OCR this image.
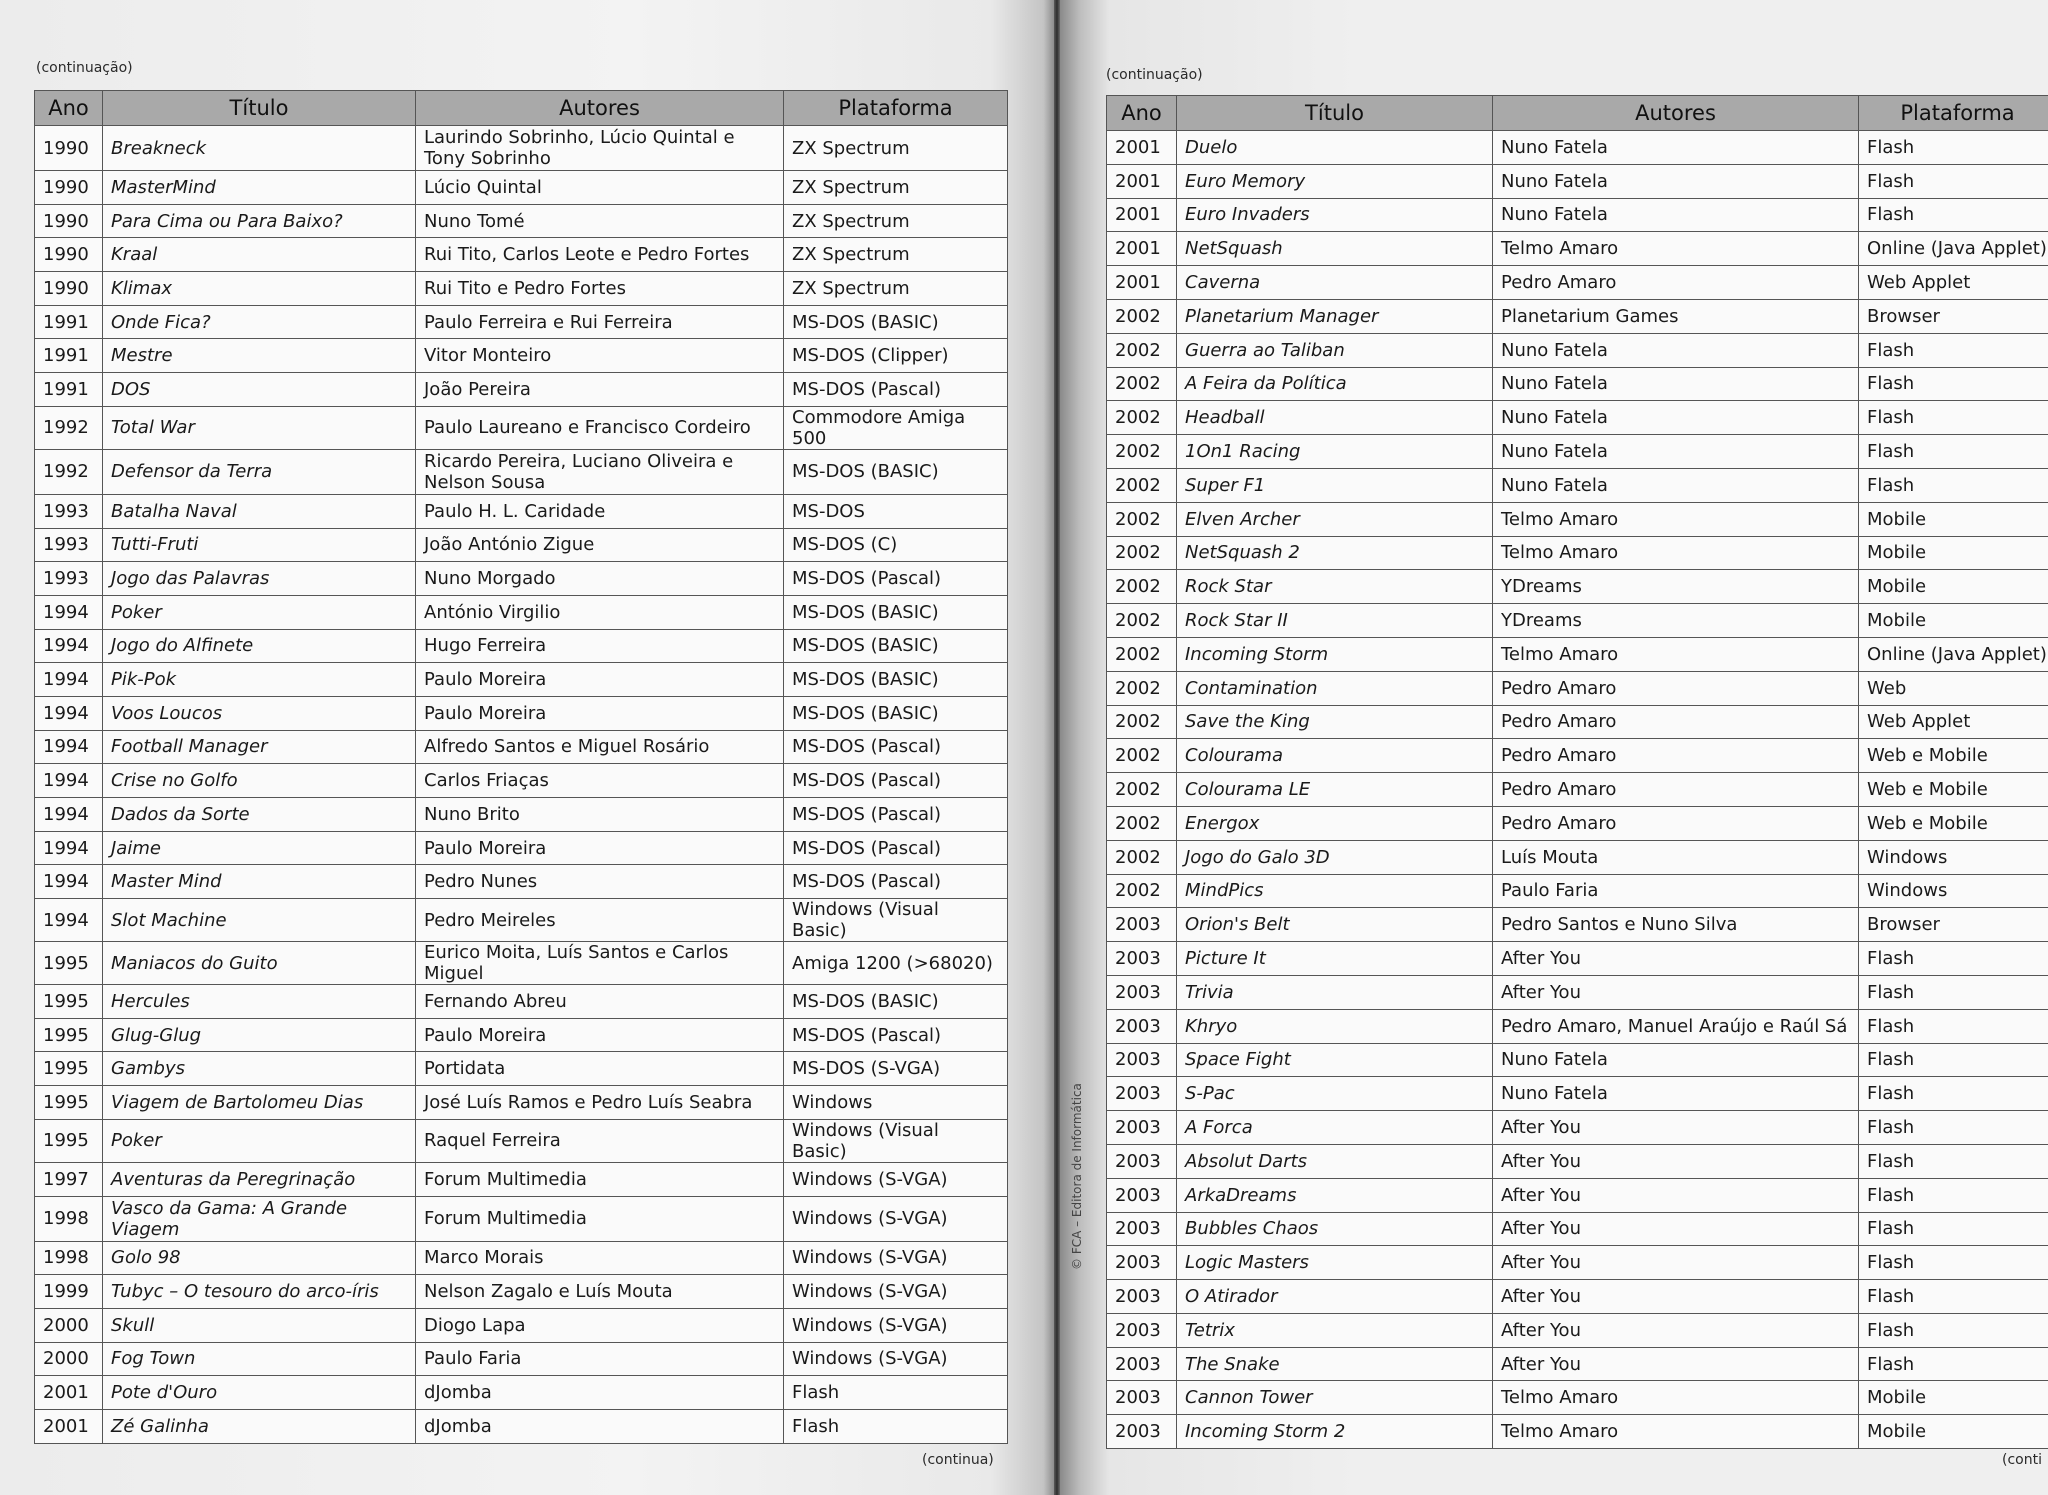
(continuação)

(continua)

(continuação)

(conti

© FCA – Editora de Informática
Ano	Título	Autores	Plataforma
1990	Breakneck	Laurindo Sobrinho, Lúcio Quintal e Tony Sobrinho	ZX Spectrum
1990	MasterMind	Lúcio Quintal	ZX Spectrum
1990	Para Cima ou Para Baixo?	Nuno Tomé	ZX Spectrum
1990	Kraal	Rui Tito, Carlos Leote e Pedro Fortes	ZX Spectrum
1990	Klimax	Rui Tito e Pedro Fortes	ZX Spectrum
1991	Onde Fica?	Paulo Ferreira e Rui Ferreira	MS-DOS (BASIC)
1991	Mestre	Vitor Monteiro	MS-DOS (Clipper)
1991	DOS	João Pereira	MS-DOS (Pascal)
1992	Total War	Paulo Laureano e Francisco Cordeiro	Commodore Amiga 500
1992	Defensor da Terra	Ricardo Pereira, Luciano Oliveira e Nelson Sousa	MS-DOS (BASIC)
1993	Batalha Naval	Paulo H. L. Caridade	MS-DOS
1993	Tutti-Fruti	João António Zigue	MS-DOS (C)
1993	Jogo das Palavras	Nuno Morgado	MS-DOS (Pascal)
1994	Poker	António Virgilio	MS-DOS (BASIC)
1994	Jogo do Alfinete	Hugo Ferreira	MS-DOS (BASIC)
1994	Pik-Pok	Paulo Moreira	MS-DOS (BASIC)
1994	Voos Loucos	Paulo Moreira	MS-DOS (BASIC)
1994	Football Manager	Alfredo Santos e Miguel Rosário	MS-DOS (Pascal)
1994	Crise no Golfo	Carlos Friaças	MS-DOS (Pascal)
1994	Dados da Sorte	Nuno Brito	MS-DOS (Pascal)
1994	Jaime	Paulo Moreira	MS-DOS (Pascal)
1994	Master Mind	Pedro Nunes	MS-DOS (Pascal)
1994	Slot Machine	Pedro Meireles	Windows (Visual Basic)
1995	Maniacos do Guito	Eurico Moita, Luís Santos e Carlos Miguel	Amiga 1200 (>68020)
1995	Hercules	Fernando Abreu	MS-DOS (BASIC)
1995	Glug-Glug	Paulo Moreira	MS-DOS (Pascal)
1995	Gambys	Portidata	MS-DOS (S-VGA)
1995	Viagem de Bartolomeu Dias	José Luís Ramos e Pedro Luís Seabra	Windows
1995	Poker	Raquel Ferreira	Windows (Visual Basic)
1997	Aventuras da Peregrinação	Forum Multimedia	Windows (S-VGA)
1998	Vasco da Gama: A Grande Viagem	Forum Multimedia	Windows (S-VGA)
1998	Golo 98	Marco Morais	Windows (S-VGA)
1999	Tubyc – O tesouro do arco-íris	Nelson Zagalo e Luís Mouta	Windows (S-VGA)
2000	Skull	Diogo Lapa	Windows (S-VGA)
2000	Fog Town	Paulo Faria	Windows (S-VGA)
2001	Pote d'Ouro	dJomba	Flash
2001	Zé Galinha	dJomba	Flash
Ano	Título	Autores	Plataforma
2001	Duelo	Nuno Fatela	Flash
2001	Euro Memory	Nuno Fatela	Flash
2001	Euro Invaders	Nuno Fatela	Flash
2001	NetSquash	Telmo Amaro	Online (Java Applet)
2001	Caverna	Pedro Amaro	Web Applet
2002	Planetarium Manager	Planetarium Games	Browser
2002	Guerra ao Taliban	Nuno Fatela	Flash
2002	A Feira da Política	Nuno Fatela	Flash
2002	Headball	Nuno Fatela	Flash
2002	1On1 Racing	Nuno Fatela	Flash
2002	Super F1	Nuno Fatela	Flash
2002	Elven Archer	Telmo Amaro	Mobile
2002	NetSquash 2	Telmo Amaro	Mobile
2002	Rock Star	YDreams	Mobile
2002	Rock Star II	YDreams	Mobile
2002	Incoming Storm	Telmo Amaro	Online (Java Applet)
2002	Contamination	Pedro Amaro	Web
2002	Save the King	Pedro Amaro	Web Applet
2002	Colourama	Pedro Amaro	Web e Mobile
2002	Colourama LE	Pedro Amaro	Web e Mobile
2002	Energox	Pedro Amaro	Web e Mobile
2002	Jogo do Galo 3D	Luís Mouta	Windows
2002	MindPics	Paulo Faria	Windows
2003	Orion's Belt	Pedro Santos e Nuno Silva	Browser
2003	Picture It	After You	Flash
2003	Trivia	After You	Flash
2003	Khryo	Pedro Amaro, Manuel Araújo e Raúl Sá	Flash
2003	Space Fight	Nuno Fatela	Flash
2003	S-Pac	Nuno Fatela	Flash
2003	A Forca	After You	Flash
2003	Absolut Darts	After You	Flash
2003	ArkaDreams	After You	Flash
2003	Bubbles Chaos	After You	Flash
2003	Logic Masters	After You	Flash
2003	O Atirador	After You	Flash
2003	Tetrix	After You	Flash
2003	The Snake	After You	Flash
2003	Cannon Tower	Telmo Amaro	Mobile
2003	Incoming Storm 2	Telmo Amaro	Mobile
